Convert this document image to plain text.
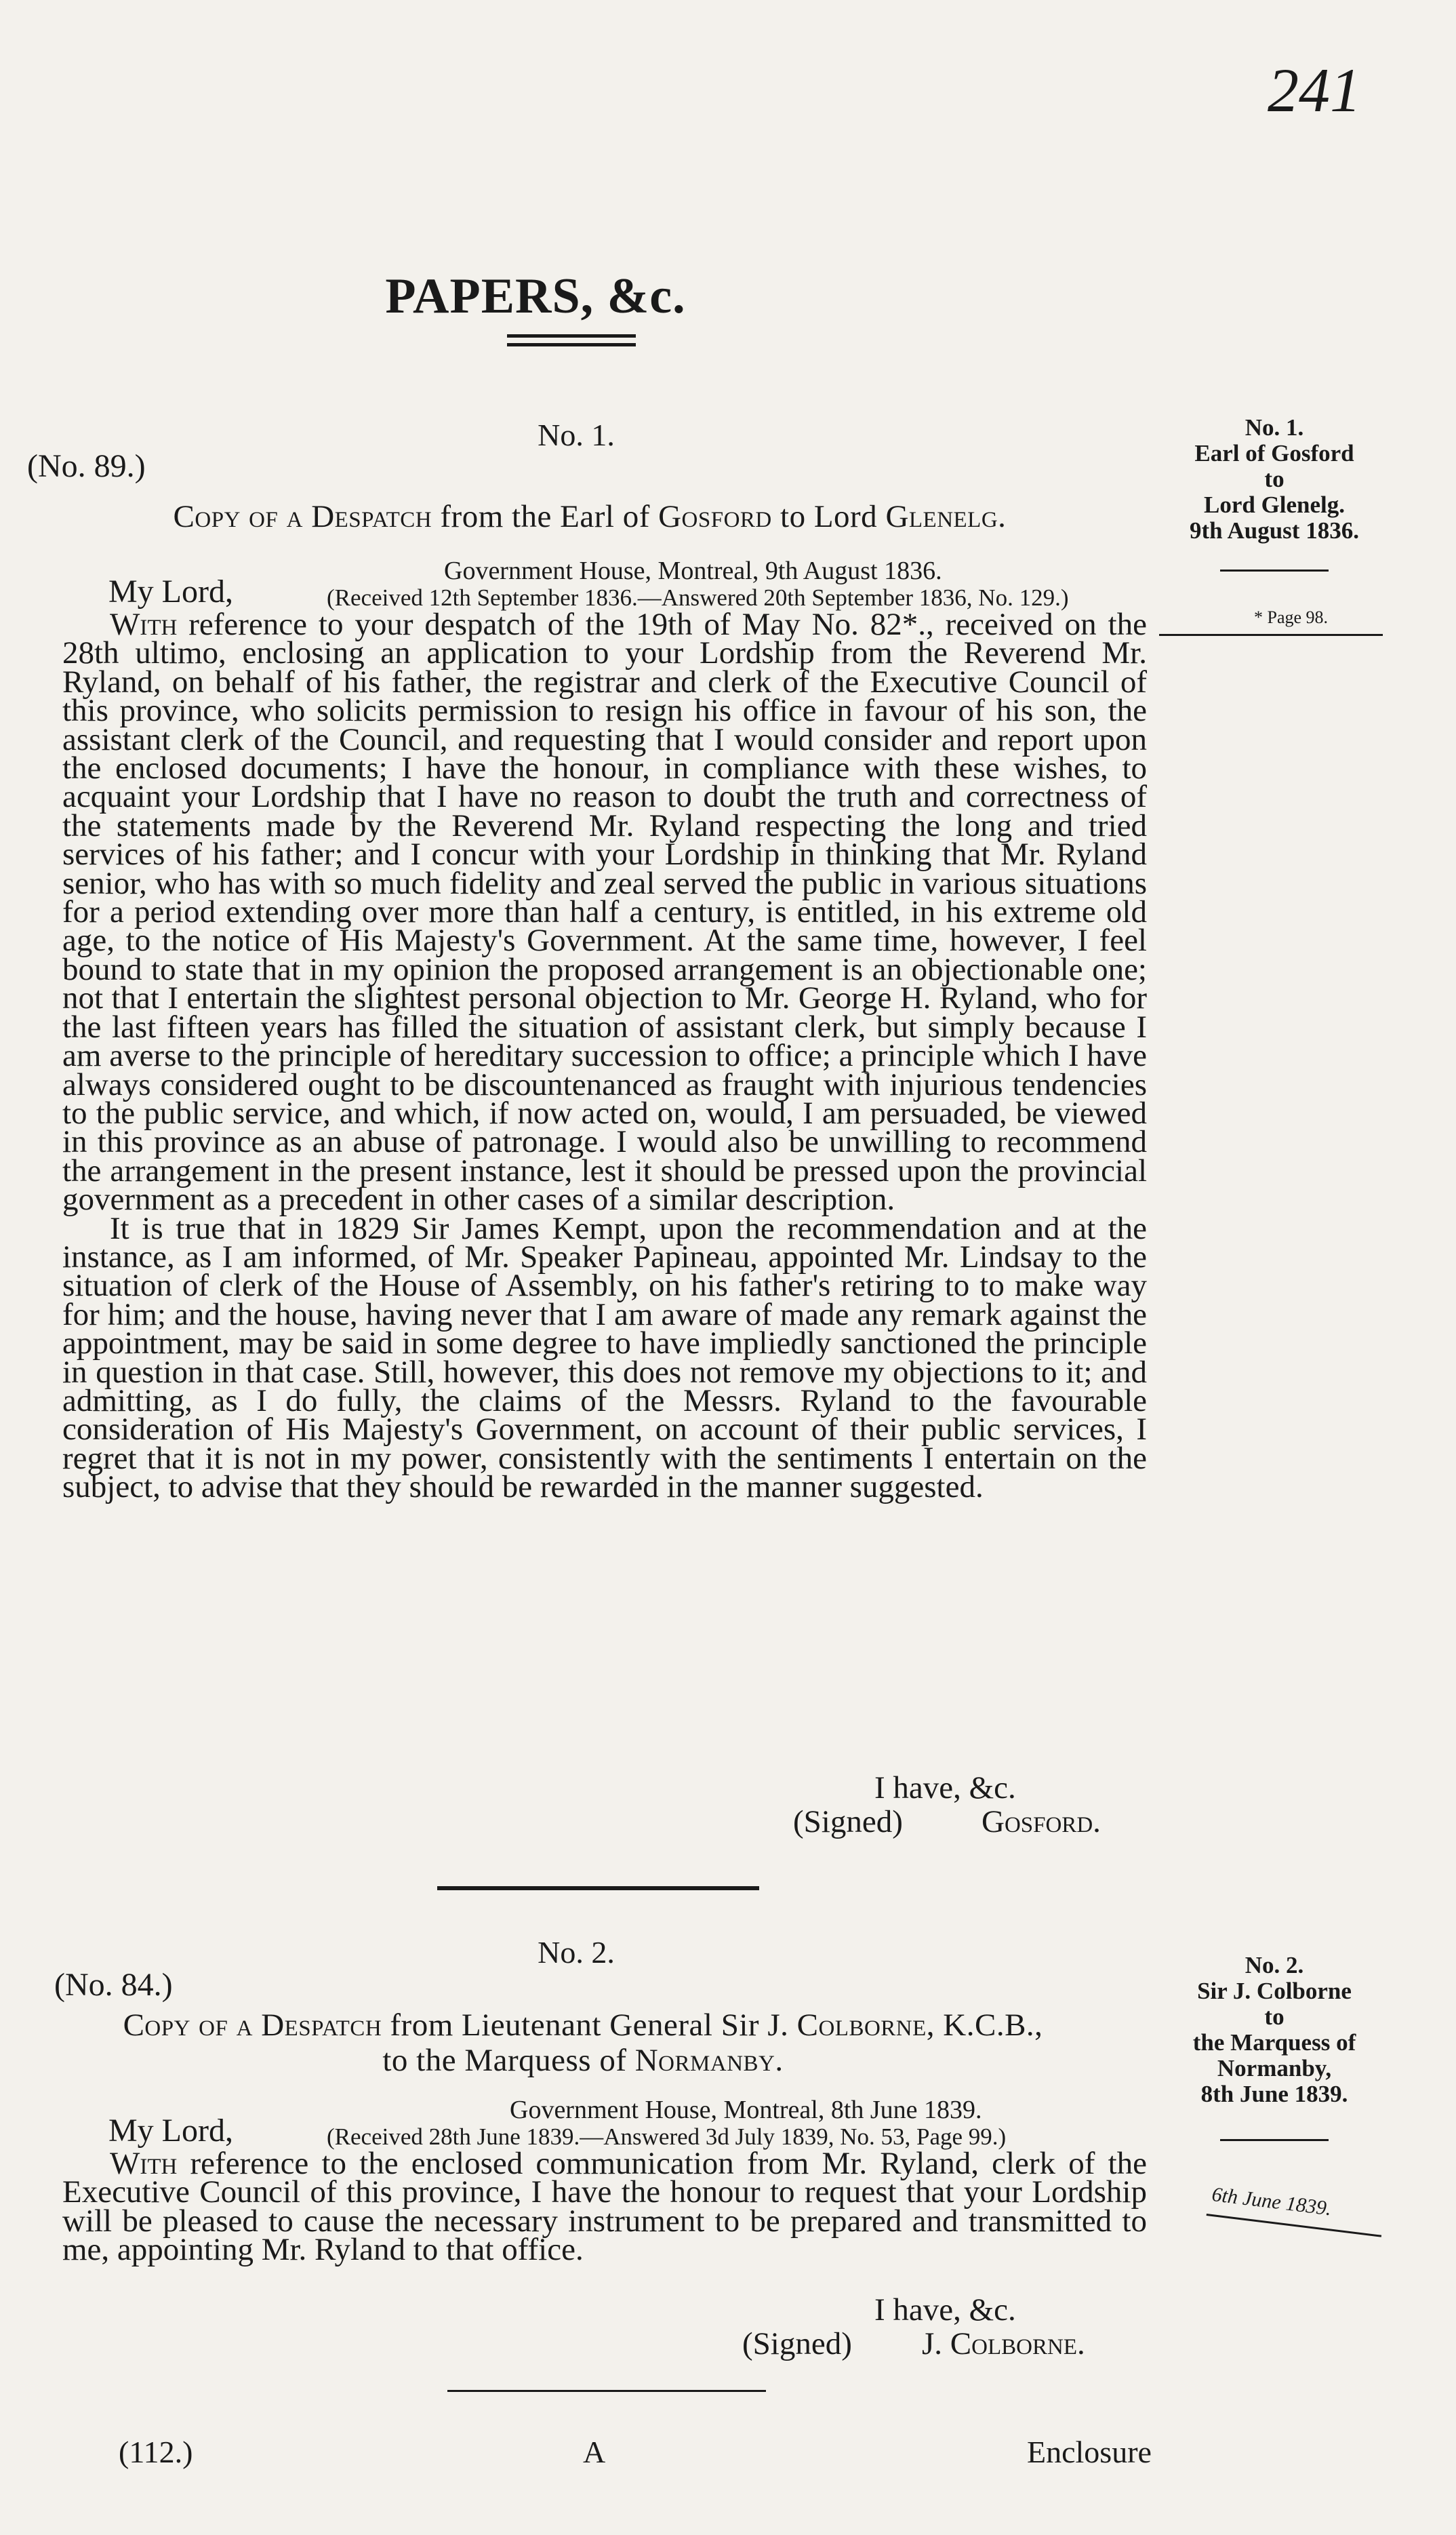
241
PAPERS, &c.
No. 1.
(No. 89.)
Copy of a Despatch from the Earl of Gosford to Lord Glenelg.
Government House, Montreal, 9th August 1836.
My Lord,	(Received 12th September 1836.—Answered 20th September 1836, No. 129.)

With reference to your despatch of the 19th of May No. 82*., received on the 28th ultimo, enclosing an application to your Lordship from the Reverend Mr. Ryland, on behalf of his father, the registrar and clerk of the Executive Council of this province, who solicits permission to resign his office in favour of his son, the assistant clerk of the Council, and requesting that I would consider and report upon the enclosed documents; I have the honour, in compliance with these wishes, to acquaint your Lordship that I have no reason to doubt the truth and correctness of the statements made by the Reverend Mr. Ryland respecting the long and tried services of his father; and I concur with your Lordship in thinking that Mr. Ryland senior, who has with so much fidelity and zeal served the public in various situations for a period extending over more than half a century, is entitled, in his extreme old age, to the notice of His Majesty's Government. At the same time, however, I feel bound to state that in my opinion the proposed arrangement is an objectionable one; not that I entertain the slightest personal objection to Mr. George H. Ryland, who for the last fifteen years has filled the situation of assistant clerk, but simply because I am averse to the principle of hereditary succession to office; a principle which I have always considered ought to be discountenanced as fraught with injurious tendencies to the public service, and which, if now acted on, would, I am persuaded, be viewed in this province as an abuse of patronage. I would also be unwilling to recommend the arrangement in the present instance, lest it should be pressed upon the provincial government as a precedent in other cases of a similar description.

It is true that in 1829 Sir James Kempt, upon the recommendation and at the instance, as I am informed, of Mr. Speaker Papineau, appointed Mr. Lindsay to the situation of clerk of the House of Assembly, on his father's retiring to to make way for him; and the house, having never that I am aware of made any remark against the appointment, may be said in some degree to have impliedly sanctioned the principle in question in that case. Still, however, this does not remove my objections to it; and admitting, as I do fully, the claims of the Messrs. Ryland to the favourable consideration of His Majesty's Government, on account of their public services, I regret that it is not in my power, consistently with the sentiments I entertain on the subject, to advise that they should be rewarded in the manner suggested.

I have, &c.
(Signed) Gosford.
No. 1.
Earl of Gosford
to
Lord Glenelg.
9th August 1836.
* Page 98.
No. 2.
(No. 84.)
Copy of a Despatch from Lieutenant General Sir J. Colborne, K.C.B.,
to the Marquess of Normanby.
Government House, Montreal, 8th June 1839.
My Lord,	(Received 28th June 1839.—Answered 3d July 1839, No. 53, Page 99.)

With reference to the enclosed communication from Mr. Ryland, clerk of the Executive Council of this province, I have the honour to request that your Lordship will be pleased to cause the necessary instrument to be prepared and transmitted to me, appointing Mr. Ryland to that office.

I have, &c.
(Signed) J. Colborne.
No. 2.
Sir J. Colborne
to
the Marquess of
Normanby,
8th June 1839.
6th June 1839.
(112.)	A	Enclosure
